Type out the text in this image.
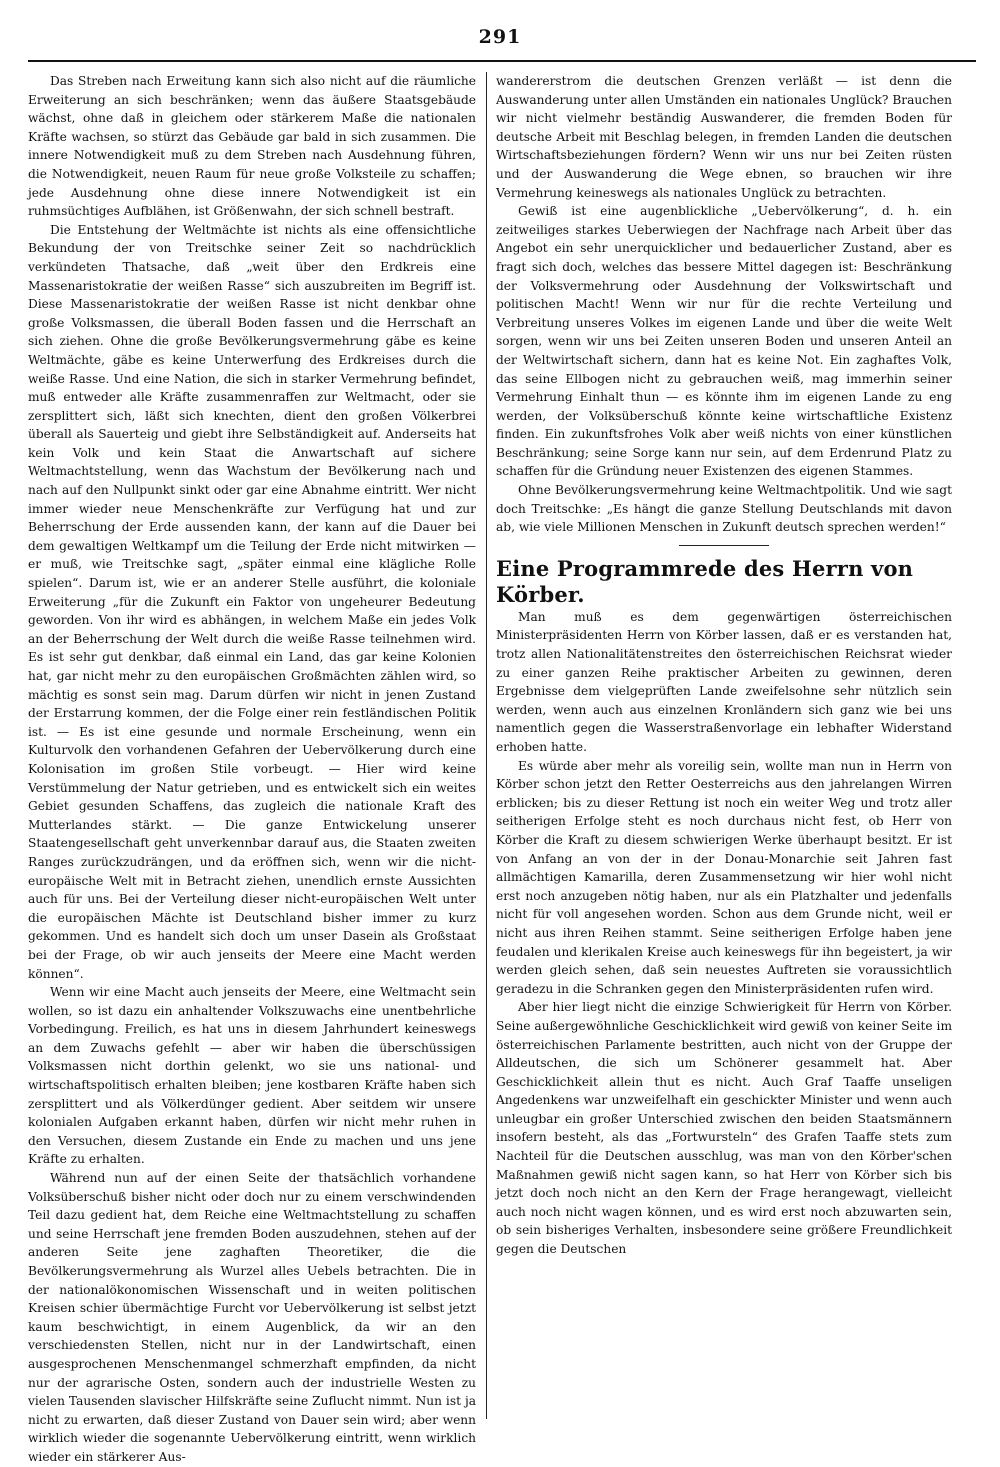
291

Das Streben nach Erweitung kann sich also nicht auf die räumliche Erweiterung an sich beschränken; wenn das äußere Staatsgebäude wächst, ohne daß in gleichem oder stärkerem Maße die nationalen Kräfte wachsen, so stürzt das Gebäude gar bald in sich zusammen. Die innere Notwendigkeit muß zu dem Streben nach Ausdehnung führen, die Notwendigkeit, neuen Raum für neue große Volksteile zu schaffen; jede Ausdehnung ohne diese innere Notwendigkeit ist ein ruhmsüchtiges Aufblähen, ist Größenwahn, der sich schnell bestraft.

Die Entstehung der Weltmächte ist nichts als eine offensichtliche Bekundung der von Treitschke seiner Zeit so nachdrücklich verkündeten Thatsache, daß „weit über den Erdkreis eine Massenaristokratie der weißen Rasse“ sich auszubreiten im Begriff ist. Diese Massenaristokratie der weißen Rasse ist nicht denkbar ohne große Volksmassen, die überall Boden fassen und die Herrschaft an sich ziehen. Ohne die große Bevölkerungsvermehrung gäbe es keine Weltmächte, gäbe es keine Unterwerfung des Erdkreises durch die weiße Rasse. Und eine Nation, die sich in starker Vermehrung befindet, muß entweder alle Kräfte zusammenraffen zur Weltmacht, oder sie zersplittert sich, läßt sich knechten, dient den großen Völkerbrei überall als Sauerteig und giebt ihre Selbständigkeit auf. Anderseits hat kein Volk und kein Staat die Anwartschaft auf sichere Weltmachtstellung, wenn das Wachstum der Bevölkerung nach und nach auf den Nullpunkt sinkt oder gar eine Abnahme eintritt. Wer nicht immer wieder neue Menschenkräfte zur Verfügung hat und zur Beherrschung der Erde aussenden kann, der kann auf die Dauer bei dem gewaltigen Weltkampf um die Teilung der Erde nicht mitwirken — er muß, wie Treitschke sagt, „später einmal eine klägliche Rolle spielen“. Darum ist, wie er an anderer Stelle ausführt, die koloniale Erweiterung „für die Zukunft ein Faktor von ungeheurer Bedeutung geworden. Von ihr wird es abhängen, in welchem Maße ein jedes Volk an der Beherrschung der Welt durch die weiße Rasse teilnehmen wird. Es ist sehr gut denkbar, daß einmal ein Land, das gar keine Kolonien hat, gar nicht mehr zu den europäischen Großmächten zählen wird, so mächtig es sonst sein mag. Darum dürfen wir nicht in jenen Zustand der Erstarrung kommen, der die Folge einer rein festländischen Politik ist. — Es ist eine gesunde und normale Erscheinung, wenn ein Kulturvolk den vorhandenen Gefahren der Uebervölkerung durch eine Kolonisation im großen Stile vorbeugt. — Hier wird keine Verstümmelung der Natur getrieben, und es entwickelt sich ein weites Gebiet gesunden Schaffens, das zugleich die nationale Kraft des Mutterlandes stärkt. — Die ganze Entwickelung unserer Staatengesellschaft geht unverkennbar darauf aus, die Staaten zweiten Ranges zurückzudrängen, und da eröffnen sich, wenn wir die nicht-europäische Welt mit in Betracht ziehen, unendlich ernste Aussichten auch für uns. Bei der Verteilung dieser nicht-europäischen Welt unter die europäischen Mächte ist Deutschland bisher immer zu kurz gekommen. Und es handelt sich doch um unser Dasein als Großstaat bei der Frage, ob wir auch jenseits der Meere eine Macht werden können“.

Wenn wir eine Macht auch jenseits der Meere, eine Weltmacht sein wollen, so ist dazu ein anhaltender Volkszuwachs eine unentbehrliche Vorbedingung. Freilich, es hat uns in diesem Jahrhundert keineswegs an dem Zuwachs gefehlt — aber wir haben die überschüssigen Volksmassen nicht dorthin gelenkt, wo sie uns national- und wirtschaftspolitisch erhalten bleiben; jene kostbaren Kräfte haben sich zersplittert und als Völkerdünger gedient. Aber seitdem wir unsere kolonialen Aufgaben erkannt haben, dürfen wir nicht mehr ruhen in den Versuchen, diesem Zustande ein Ende zu machen und uns jene Kräfte zu erhalten.

Während nun auf der einen Seite der thatsächlich vorhandene Volksüberschuß bisher nicht oder doch nur zu einem verschwindenden Teil dazu gedient hat, dem Reiche eine Weltmachtstellung zu schaffen und seine Herrschaft jene fremden Boden auszudehnen, stehen auf der anderen Seite jene zaghaften Theoretiker, die die Bevölkerungsvermehrung als Wurzel alles Uebels betrachten. Die in der nationalökonomischen Wissenschaft und in weiten politischen Kreisen schier übermächtige Furcht vor Uebervölkerung ist selbst jetzt kaum beschwichtigt, in einem Augenblick, da wir an den verschiedensten Stellen, nicht nur in der Landwirtschaft, einen ausgesprochenen Menschenmangel schmerzhaft empfinden, da nicht nur der agrarische Osten, sondern auch der industrielle Westen zu vielen Tausenden slavischer Hilfskräfte seine Zuflucht nimmt. Nun ist ja nicht zu erwarten, daß dieser Zustand von Dauer sein wird; aber wenn wirklich wieder die sogenannte Uebervölkerung eintritt, wenn wirklich wieder ein stärkerer Aus-

wandererstrom die deutschen Grenzen verläßt — ist denn die Auswanderung unter allen Umständen ein nationales Unglück? Brauchen wir nicht vielmehr beständig Auswanderer, die fremden Boden für deutsche Arbeit mit Beschlag belegen, in fremden Landen die deutschen Wirtschaftsbeziehungen fördern? Wenn wir uns nur bei Zeiten rüsten und der Auswanderung die Wege ebnen, so brauchen wir ihre Vermehrung keineswegs als nationales Unglück zu betrachten.

Gewiß ist eine augenblickliche „Uebervölkerung“, d. h. ein zeitweiliges starkes Ueberwiegen der Nachfrage nach Arbeit über das Angebot ein sehr unerquicklicher und bedauerlicher Zustand, aber es fragt sich doch, welches das bessere Mittel dagegen ist: Beschränkung der Volksvermehrung oder Ausdehnung der Volkswirtschaft und politischen Macht! Wenn wir nur für die rechte Verteilung und Verbreitung unseres Volkes im eigenen Lande und über die weite Welt sorgen, wenn wir uns bei Zeiten unseren Boden und unseren Anteil an der Weltwirtschaft sichern, dann hat es keine Not. Ein zaghaftes Volk, das seine Ellbogen nicht zu gebrauchen weiß, mag immerhin seiner Vermehrung Einhalt thun — es könnte ihm im eigenen Lande zu eng werden, der Volksüberschuß könnte keine wirtschaftliche Existenz finden. Ein zukunftsfrohes Volk aber weiß nichts von einer künstlichen Beschränkung; seine Sorge kann nur sein, auf dem Erdenrund Platz zu schaffen für die Gründung neuer Existenzen des eigenen Stammes.

Ohne Bevölkerungsvermehrung keine Weltmachtpolitik. Und wie sagt doch Treitschke: „Es hängt die ganze Stellung Deutschlands mit davon ab, wie viele Millionen Menschen in Zukunft deutsch sprechen werden!“

Eine Programmrede des Herrn von Körber.

Man muß es dem gegenwärtigen österreichischen Ministerpräsidenten Herrn von Körber lassen, daß er es verstanden hat, trotz allen Nationalitätenstreites den österreichischen Reichsrat wieder zu einer ganzen Reihe praktischer Arbeiten zu gewinnen, deren Ergebnisse dem vielgeprüften Lande zweifelsohne sehr nützlich sein werden, wenn auch aus einzelnen Kronländern sich ganz wie bei uns namentlich gegen die Wasserstraßenvorlage ein lebhafter Widerstand erhoben hatte.

Es würde aber mehr als voreilig sein, wollte man nun in Herrn von Körber schon jetzt den Retter Oesterreichs aus den jahrelangen Wirren erblicken; bis zu dieser Rettung ist noch ein weiter Weg und trotz aller seitherigen Erfolge steht es noch durchaus nicht fest, ob Herr von Körber die Kraft zu diesem schwierigen Werke überhaupt besitzt. Er ist von Anfang an von der in der Donau-Monarchie seit Jahren fast allmächtigen Kamarilla, deren Zusammensetzung wir hier wohl nicht erst noch anzugeben nötig haben, nur als ein Platzhalter und jedenfalls nicht für voll angesehen worden. Schon aus dem Grunde nicht, weil er nicht aus ihren Reihen stammt. Seine seitherigen Erfolge haben jene feudalen und klerikalen Kreise auch keineswegs für ihn begeistert, ja wir werden gleich sehen, daß sein neuestes Auftreten sie voraussichtlich geradezu in die Schranken gegen den Ministerpräsidenten rufen wird.

Aber hier liegt nicht die einzige Schwierigkeit für Herrn von Körber. Seine außergewöhnliche Geschicklichkeit wird gewiß von keiner Seite im österreichischen Parlamente bestritten, auch nicht von der Gruppe der Alldeutschen, die sich um Schönerer gesammelt hat. Aber Geschicklichkeit allein thut es nicht. Auch Graf Taaffe unseligen Angedenkens war unzweifelhaft ein geschickter Minister und wenn auch unleugbar ein großer Unterschied zwischen den beiden Staatsmännern insofern besteht, als das „Fortwursteln“ des Grafen Taaffe stets zum Nachteil für die Deutschen ausschlug, was man von den Körber'schen Maßnahmen gewiß nicht sagen kann, so hat Herr von Körber sich bis jetzt doch noch nicht an den Kern der Frage herangewagt, vielleicht auch noch nicht wagen können, und es wird erst noch abzuwarten sein, ob sein bisheriges Verhalten, insbesondere seine größere Freundlichkeit gegen die Deutschen
